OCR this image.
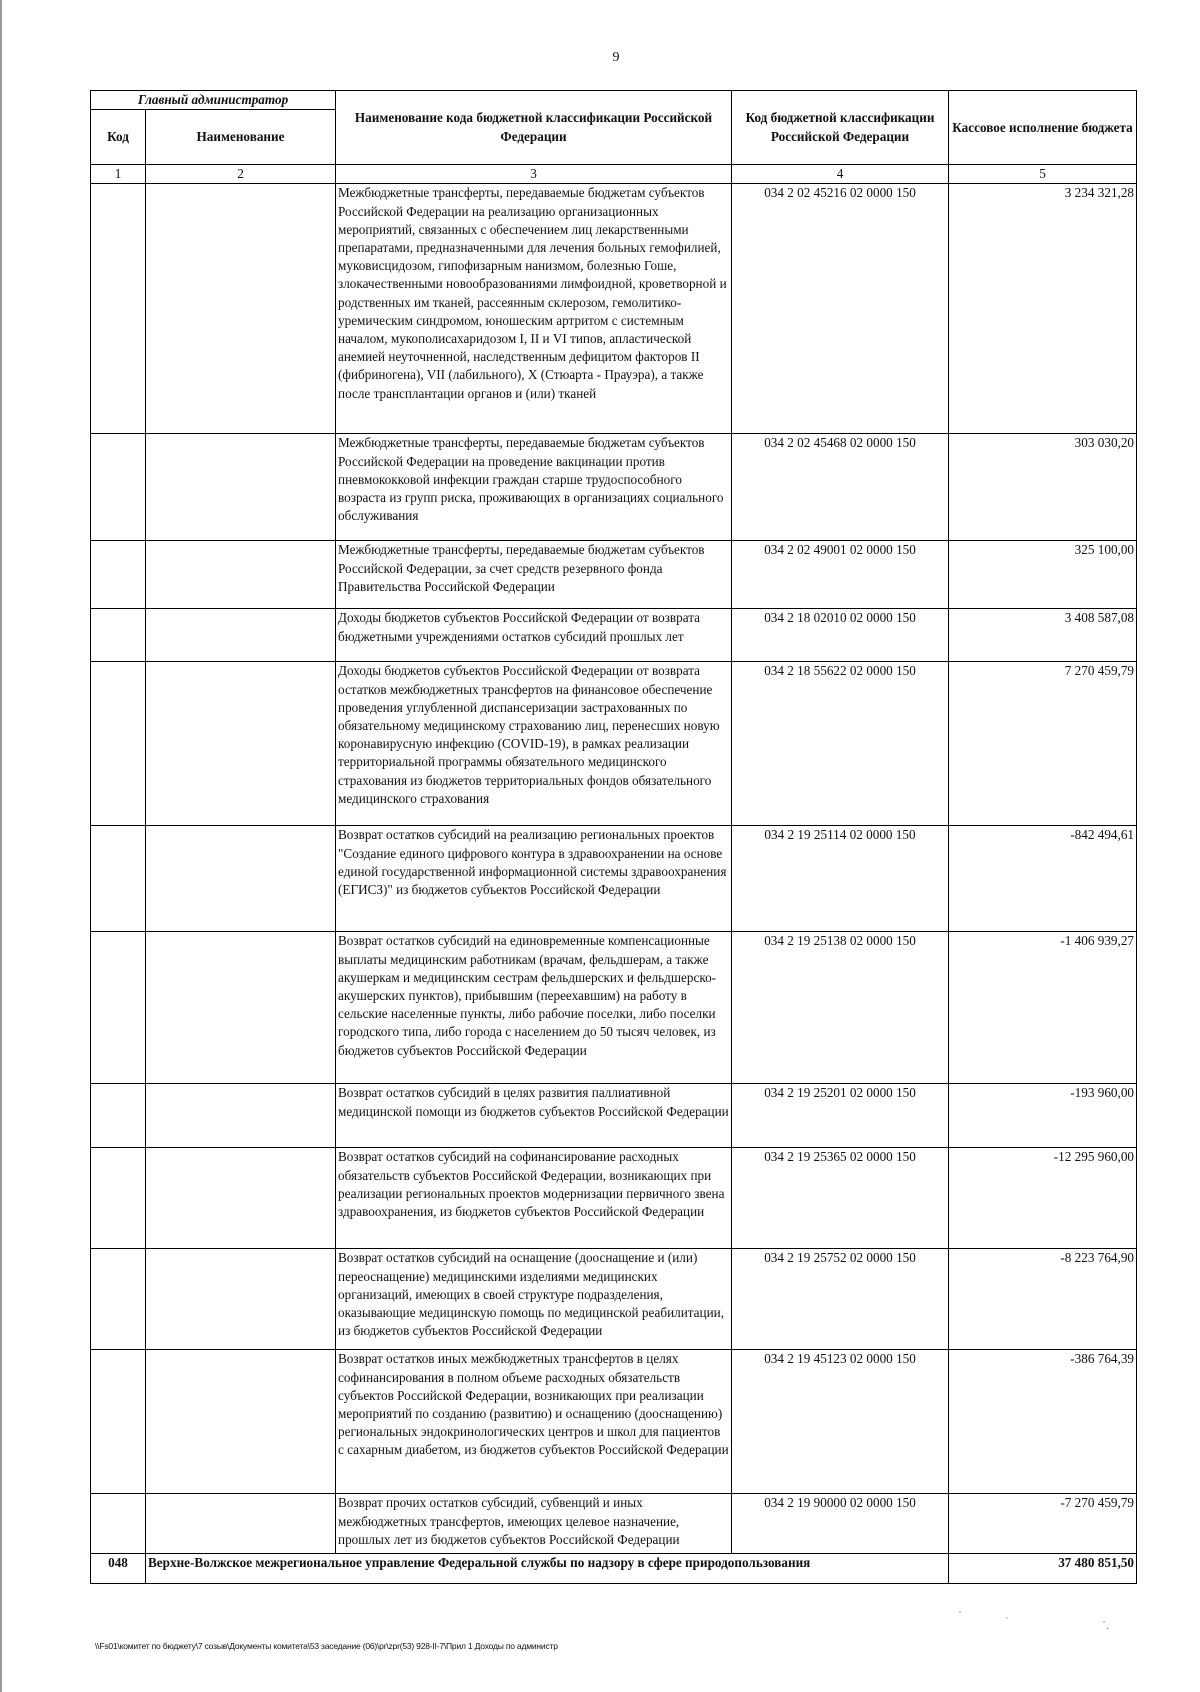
9
Главный администратор		Наименование кода бюджетной классификации Российской Федерации	Код бюджетной классификации Российской Федерации	Кассовое исполнение бюджета
Код	Наименование			
1	2	3	4	5
		Межбюджетные трансферты, передаваемые бюджетам субъектов Российской Федерации на реализацию организационных мероприятий, связанных с обеспечением лиц лекарственными препаратами, предназначенными для лечения больных гемофилией, муковисцидозом, гипофизарным нанизмом, болезнью Гоше, злокачественными новообразованиями лимфоидной, кроветворной и родственных им тканей, рассеянным склерозом, гемолитико-уремическим синдромом, юношеским артритом с системным началом, мукополисахаридозом I, II и VI типов, апластической анемией неуточненной, наследственным дефицитом факторов II (фибриногена), VII (лабильного), X (Стюарта - Прауэра), а также после трансплантации органов и (или) тканей	034 2 02 45216 02 0000 150	3 234 321,28
		Межбюджетные трансферты, передаваемые бюджетам субъектов Российской Федерации на проведение вакцинации против пневмококковой инфекции граждан старше трудоспособного возраста из групп риска, проживающих в организациях социального обслуживания	034 2 02 45468 02 0000 150	303 030,20
		Межбюджетные трансферты, передаваемые бюджетам субъектов Российской Федерации, за счет средств резервного фонда Правительства Российской Федерации	034 2 02 49001 02 0000 150	325 100,00
		Доходы бюджетов субъектов Российской Федерации от возврата бюджетными учреждениями остатков субсидий прошлых лет	034 2 18 02010 02 0000 150	3 408 587,08
		Доходы бюджетов субъектов Российской Федерации от возврата остатков межбюджетных трансфертов на финансовое обеспечение проведения углубленной диспансеризации застрахованных по обязательному медицинскому страхованию лиц, перенесших новую коронавирусную инфекцию (COVID-19), в рамках реализации территориальной программы обязательного медицинского страхования из бюджетов территориальных фондов обязательного медицинского страхования	034 2 18 55622 02 0000 150	7 270 459,79
		Возврат остатков субсидий на реализацию региональных проектов "Создание единого цифрового контура в здравоохранении на основе единой государственной информационной системы здравоохранения (ЕГИСЗ)" из бюджетов субъектов Российской Федерации	034 2 19 25114 02 0000 150	-842 494,61
		Возврат остатков субсидий на единовременные компенсационные выплаты медицинским работникам (врачам, фельдшерам, а также акушеркам и медицинским сестрам фельдшерских и фельдшерско-акушерских пунктов), прибывшим (переехавшим) на работу в сельские населенные пункты, либо рабочие поселки, либо поселки городского типа, либо города с населением до 50 тысяч человек, из бюджетов субъектов Российской Федерации	034 2 19 25138 02 0000 150	-1 406 939,27
		Возврат остатков субсидий в целях развития паллиативной медицинской помощи из бюджетов субъектов Российской Федерации	034 2 19 25201 02 0000 150	-193 960,00
		Возврат остатков субсидий на софинансирование расходных обязательств субъектов Российской Федерации, возникающих при реализации региональных проектов модернизации первичного звена здравоохранения, из бюджетов субъектов Российской Федерации	034 2 19 25365 02 0000 150	-12 295 960,00
		Возврат остатков субсидий на оснащение (дооснащение и (или) переоснащение) медицинскими изделиями медицинских организаций, имеющих в своей структуре подразделения, оказывающие медицинскую помощь по медицинской реабилитации, из бюджетов субъектов Российской Федерации	034 2 19 25752 02 0000 150	-8 223 764,90
		Возврат остатков иных межбюджетных трансфертов в целях софинансирования в полном объеме расходных обязательств субъектов Российской Федерации, возникающих при реализации мероприятий по созданию (развитию) и оснащению (дооснащению) региональных эндокринологических центров и школ для пациентов с сахарным диабетом, из бюджетов субъектов Российской Федерации	034 2 19 45123 02 0000 150	-386 764,39
		Возврат прочих остатков субсидий, субвенций и иных межбюджетных трансфертов, имеющих целевое назначение, прошлых лет из бюджетов субъектов Российской Федерации	034 2 19 90000 02 0000 150	-7 270 459,79
048	Верхне-Волжское межрегиональное управление Федеральной службы по надзору в сфере природопользования			37 480 851,50
˙	˙	˙.
\\Fs01\комитет по бюджету\7 созыв\Документы комитета\53 заседание (06)\pr\zpr(53) 928-II-7\Прил 1 Доходы по администр
